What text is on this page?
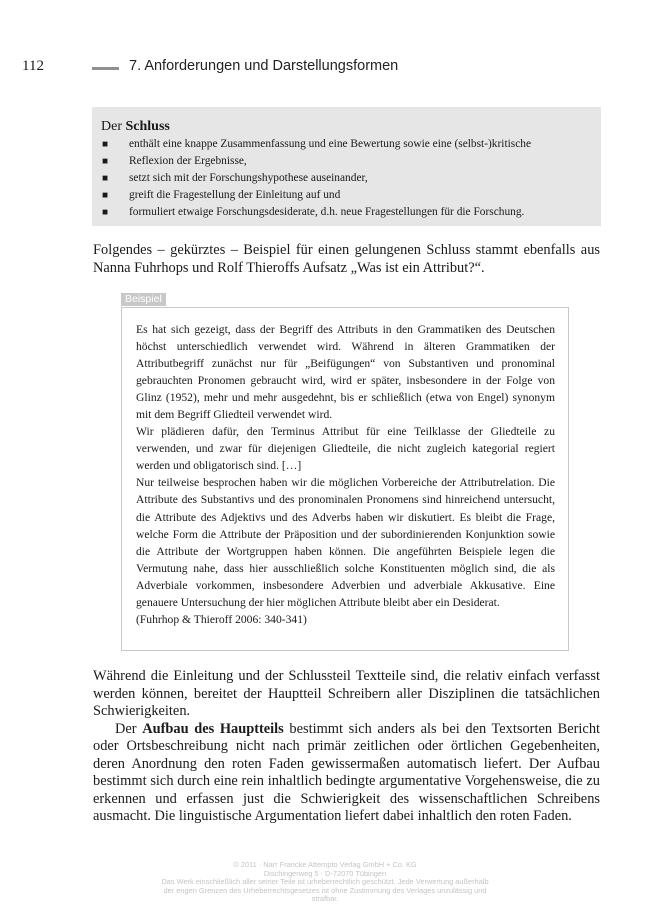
112	7. Anforderungen und Darstellungsformen
Der Schluss
■ enthält eine knappe Zusammenfassung und eine Bewertung sowie eine (selbst-)kritische
■ Reflexion der Ergebnisse,
■ setzt sich mit der Forschungshypothese auseinander,
■ greift die Fragestellung der Einleitung auf und
■ formuliert etwaige Forschungsdesiderate, d.h. neue Fragestellungen für die Forschung.
Folgendes – gekürztes – Beispiel für einen gelungenen Schluss stammt ebenfalls aus Nanna Fuhrhops und Rolf Thieroffs Aufsatz „Was ist ein Attribut?“.
Beispiel

Es hat sich gezeigt, dass der Begriff des Attributs in den Grammatiken des Deutschen höchst unterschiedlich verwendet wird. Während in älteren Grammatiken der Attributbegriff zunächst nur für „Beifügungen“ von Substantiven und pronominal gebrauchten Pronomen gebraucht wird, wird er später, insbesondere in der Folge von Glinz (1952), mehr und mehr ausgedehnt, bis er schließlich (etwa von Engel) synonym mit dem Begriff Gliedteil verwendet wird.

Wir plädieren dafür, den Terminus Attribut für eine Teilklasse der Gliedteile zu verwenden, und zwar für diejenigen Gliedteile, die nicht zugleich kategorial regiert werden und obligatorisch sind. […]

Nur teilweise besprochen haben wir die möglichen Vorbereiche der Attributrelation. Die Attribute des Substantivs und des pronominalen Pronomens sind hinreichend untersucht, die Attribute des Adjektivs und des Adverbs haben wir diskutiert. Es bleibt die Frage, welche Form die Attribute der Präposition und der subordinierenden Konjunktion sowie die Attribute der Wortgruppen haben können. Die angeführten Beispiele legen die Vermutung nahe, dass hier ausschließlich solche Konstituenten möglich sind, die als Adverbiale vorkommen, insbesondere Adverbien und adverbiale Akkusative. Eine genauere Untersuchung der hier möglichen Attribute bleibt aber ein Desiderat.

(Fuhrhop & Thieroff 2006: 340-341)

Während die Einleitung und der Schlussteil Textteile sind, die relativ einfach verfasst werden können, bereitet der Hauptteil Schreibern aller Disziplinen die tatsächlichen Schwierigkeiten.
Der Aufbau des Hauptteils bestimmt sich anders als bei den Textsorten Bericht oder Ortsbeschreibung nicht nach primär zeitlichen oder örtlichen Gegebenheiten, deren Anordnung den roten Faden gewissermaßen automatisch liefert. Der Aufbau bestimmt sich durch eine rein inhaltlich bedingte argumentative Vorgehensweise, die zu erkennen und erfassen just die Schwierigkeit des wissenschaftlichen Schreibens ausmacht. Die linguistische Argumentation liefert dabei inhaltlich den roten Faden.
© 2011 · Narr Francke Attempto Verlag GmbH + Co. KG
Dischingerweg 5 · D-72070 Tübingen
Das Werk einschließlich aller seiner Teile ist urheberrechtlich geschützt. Jede Verwertung außerhalb
der engen Grenzen des Urheberrechtsgesetzes ist ohne Zustimmung des Verlages unzulässig und
strafbar.
